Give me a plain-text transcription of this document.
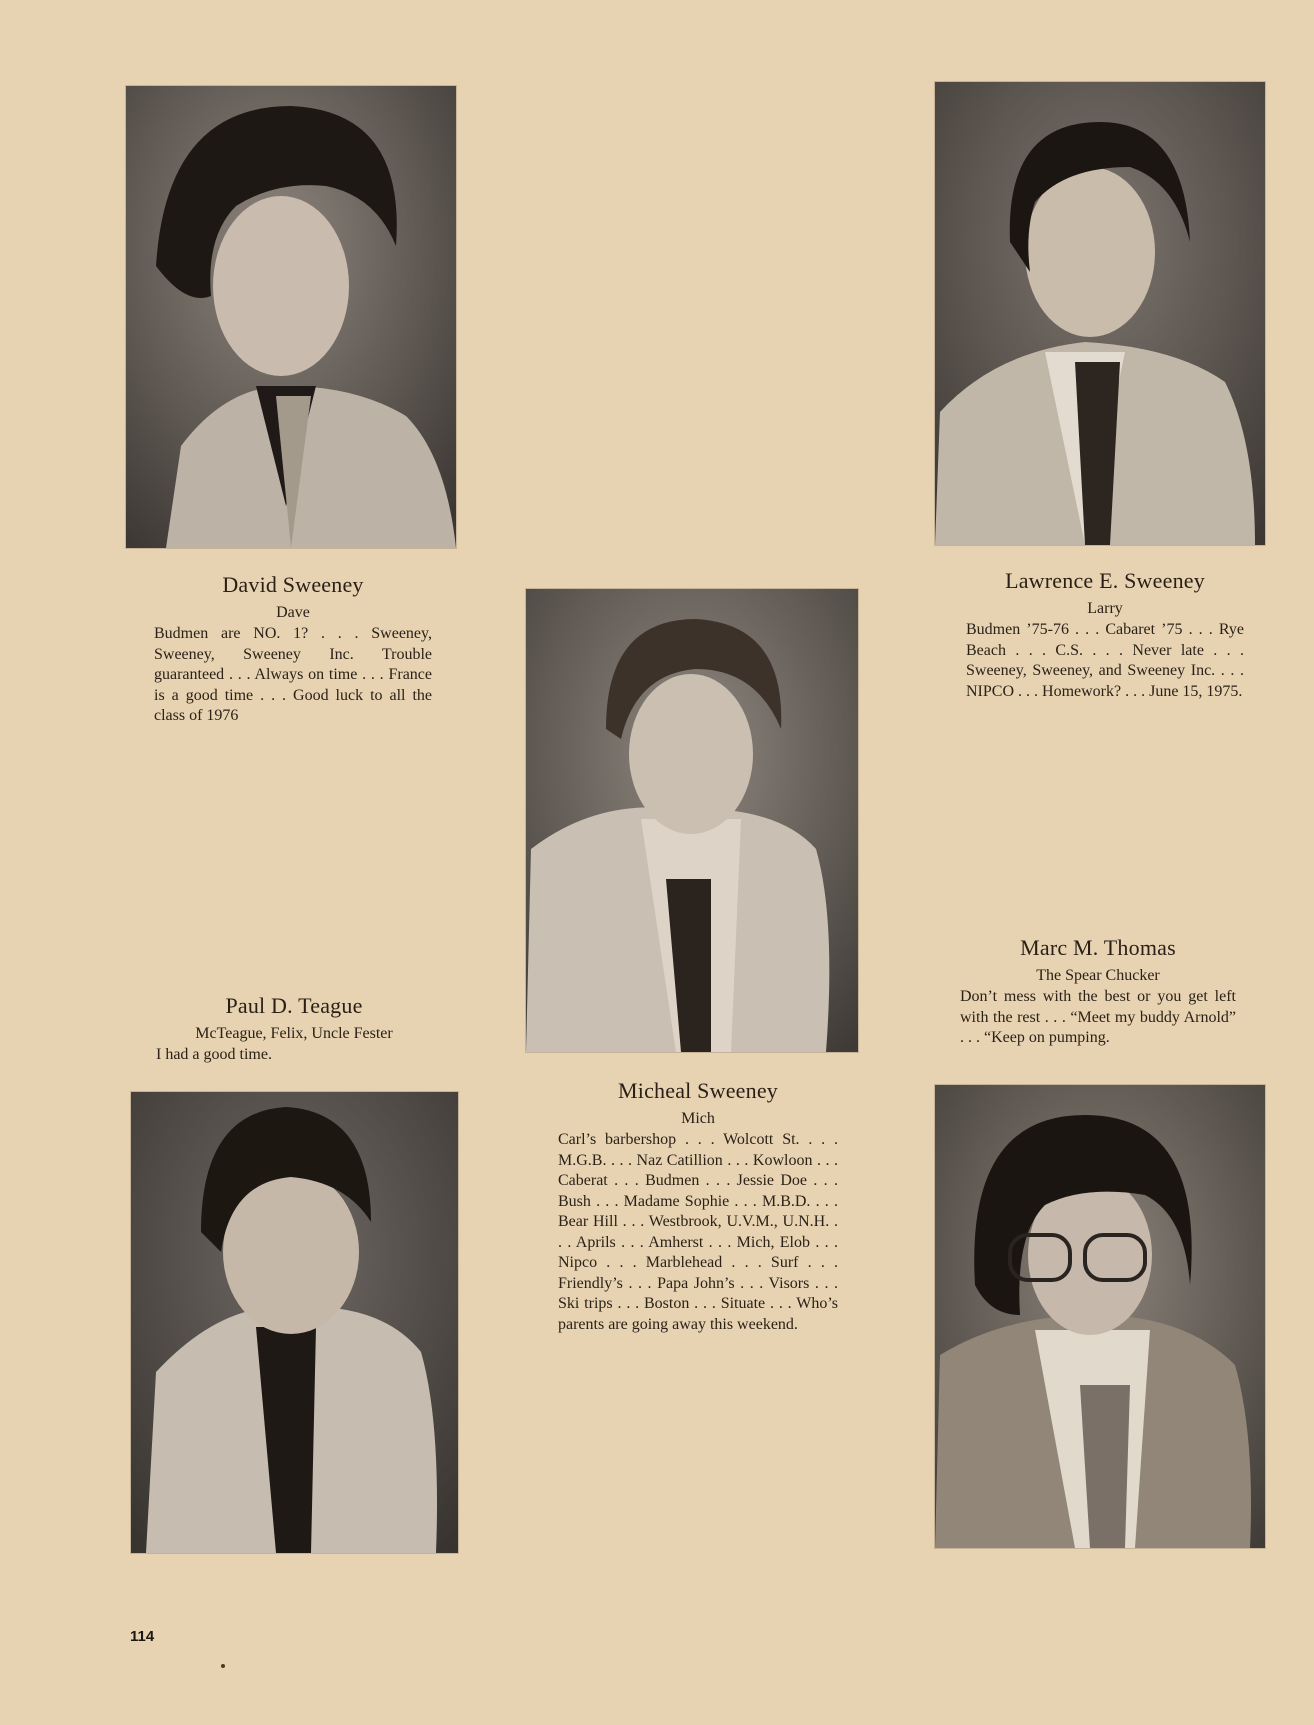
David Sweeney
Dave

Budmen are NO. 1? . . . Sweeney, Sweeney, Sweeney Inc. Trouble guaranteed . . . Always on time . . . France is a good time . . . Good luck to all the class of 1976

Lawrence E. Sweeney
Larry

Budmen ’75-76 . . . Cabaret ’75 . . . Rye Beach . . . C.S. . . . Never late . . . Sweeney, Sweeney, and Sweeney Inc. . . . NIPCO . . . Homework? . . . June 15, 1975.

Micheal Sweeney
Mich

Carl’s barbershop . . . Wolcott St. . . . M.G.B. . . . Naz Catillion . . . Kowloon . . . Caberat . . . Budmen . . . Jessie Doe . . . Bush . . . Madame Sophie . . . M.B.D. . . . Bear Hill . . . Westbrook, U.V.M., U.N.H. . . . Aprils . . . Amherst . . . Mich, Elob . . . Nipco . . . Marblehead . . . Surf . . . Friendly’s . . . Papa John’s . . . Visors . . . Ski trips . . . Boston . . . Situate . . . Who’s parents are going away this weekend.

Paul D. Teague
McTeague, Felix, Uncle Fester

I had a good time.

Marc M. Thomas
The Spear Chucker

Don’t mess with the best or you get left with the rest . . . “Meet my buddy Arnold” . . . “Keep on pumping.

114
